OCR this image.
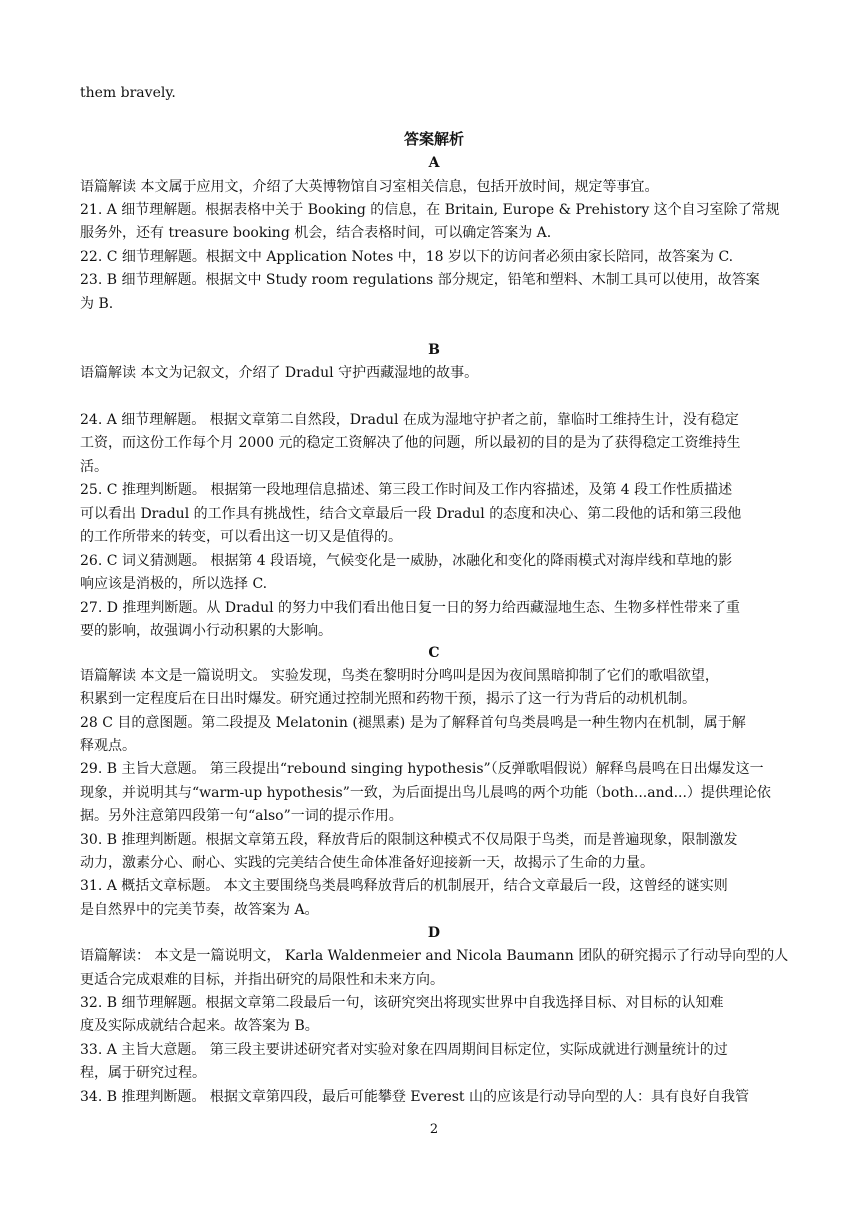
them bravely.
答案解析
A
语篇解读 本文属于应用文，介绍了大英博物馆自习室相关信息，包括开放时间，规定等事宜。
21. A 细节理解题。根据表格中关于 Booking 的信息，在 Britain, Europe & Prehistory 这个自习室除了常规
服务外，还有 treasure booking 机会，结合表格时间，可以确定答案为 A.
22. C 细节理解题。根据文中 Application Notes 中，18 岁以下的访问者必须由家长陪同，故答案为 C.
23. B 细节理解题。根据文中 Study room regulations 部分规定，铅笔和塑料、木制工具可以使用，故答案
为 B.
B
语篇解读 本文为记叙文，介绍了 Dradul 守护西藏湿地的故事。
24. A 细节理解题。 根据文章第二自然段，Dradul 在成为湿地守护者之前，靠临时工维持生计，没有稳定
工资，而这份工作每个月 2000 元的稳定工资解决了他的问题，所以最初的目的是为了获得稳定工资维持生
活。
25. C 推理判断题。 根据第一段地理信息描述、第三段工作时间及工作内容描述，及第 4 段工作性质描述
可以看出 Dradul 的工作具有挑战性，结合文章最后一段 Dradul 的态度和决心、第二段他的话和第三段他
的工作所带来的转变，可以看出这一切又是值得的。
26. C 词义猜测题。 根据第 4 段语境，气候变化是一威胁，冰融化和变化的降雨模式对海岸线和草地的影
响应该是消极的，所以选择 C.
27. D 推理判断题。从 Dradul 的努力中我们看出他日复一日的努力给西藏湿地生态、生物多样性带来了重
要的影响，故强调小行动积累的大影响。
C
语篇解读 本文是一篇说明文。 实验发现，鸟类在黎明时分鸣叫是因为夜间黑暗抑制了它们的歌唱欲望，
积累到一定程度后在日出时爆发。研究通过控制光照和药物干预，揭示了这一行为背后的动机机制。
28 C 目的意图题。第二段提及 Melatonin (褪黑素) 是为了解释首句鸟类晨鸣是一种生物内在机制，属于解
释观点。
29. B 主旨大意题。 第三段提出“rebound singing hypothesis”（反弹歌唱假说）解释鸟晨鸣在日出爆发这一
现象，并说明其与“warm-up hypothesis”一致，为后面提出鸟儿晨鸣的两个功能（both...and...）提供理论依
据。另外注意第四段第一句“also”一词的提示作用。
30. B 推理判断题。根据文章第五段，释放背后的限制这种模式不仅局限于鸟类，而是普遍现象，限制激发
动力，激素分心、耐心、实践的完美结合使生命体准备好迎接新一天，故揭示了生命的力量。
31. A 概括文章标题。 本文主要围绕鸟类晨鸣释放背后的机制展开，结合文章最后一段，这曾经的谜实则
是自然界中的完美节奏，故答案为 A。
D
语篇解读： 本文是一篇说明文， Karla Waldenmeier and Nicola Baumann 团队的研究揭示了行动导向型的人
更适合完成艰难的目标，并指出研究的局限性和未来方向。
32. B 细节理解题。根据文章第二段最后一句，该研究突出将现实世界中自我选择目标、对目标的认知难
度及实际成就结合起来。故答案为 B。
33. A 主旨大意题。 第三段主要讲述研究者对实验对象在四周期间目标定位，实际成就进行测量统计的过
程，属于研究过程。
34. B 推理判断题。 根据文章第四段，最后可能攀登 Everest 山的应该是行动导向型的人：具有良好自我管
2
